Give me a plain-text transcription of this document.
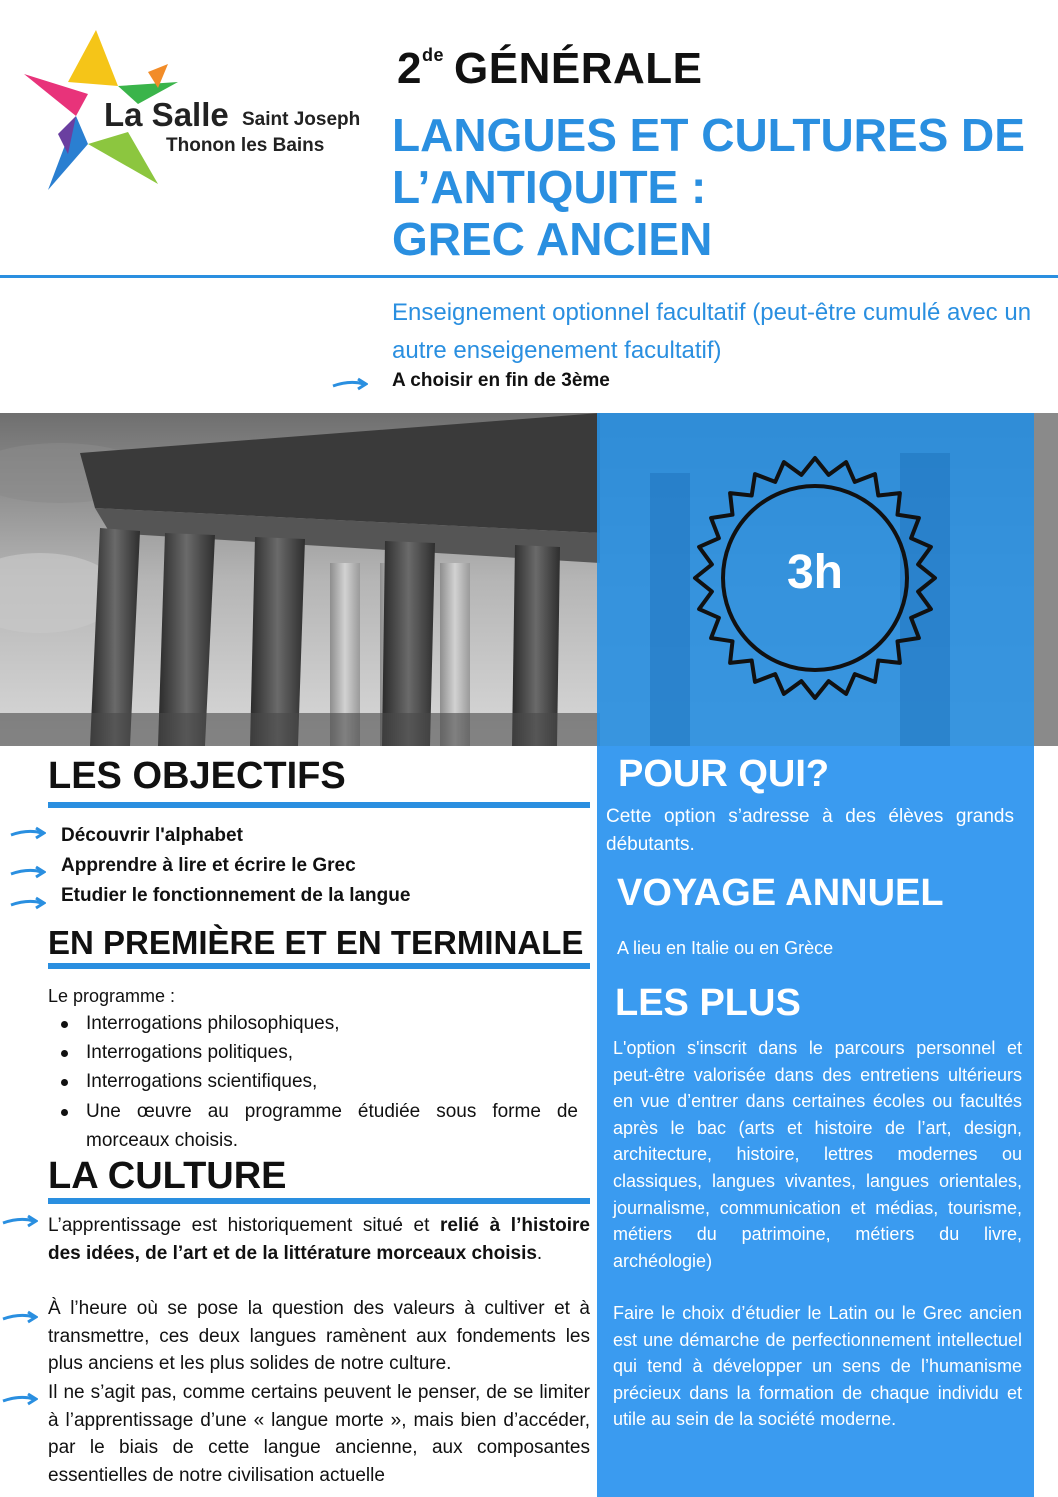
La Salle Saint Joseph
Thonon les Bains
2de GÉNÉRALE
LANGUES ET CULTURES DE
L’ANTIQUITE :
GREC ANCIEN
Enseignement optionnel facultatif (peut-être cumulé avec un autre enseigenement facultatif)
A choisir en fin de 3ème
3h
POUR QUI?
Cette option s’adresse à des élèves grands débutants.
VOYAGE ANNUEL
A lieu en Italie ou en Grèce
LES PLUS
L'option s'inscrit dans le parcours personnel et peut-être valorisée dans des entretiens ultérieurs en vue d’entrer dans certaines écoles ou facultés après le bac (arts et histoire de l’art, design, architecture, histoire, lettres modernes ou classiques, langues vivantes, langues orientales, journalisme, communication et médias, tourisme, métiers du patrimoine, métiers du livre, archéologie)
Faire le choix d’étudier le Latin ou le Grec ancien est une démarche de perfectionnement intellectuel qui tend à développer un sens de l’humanisme précieux dans la formation de chaque individu et utile au sein de la société moderne.
LES OBJECTIFS
Découvrir l'alphabet
Apprendre à lire et écrire le Grec
Etudier le fonctionnement de la langue
EN PREMIÈRE ET EN TERMINALE
Le programme :
Interrogations philosophiques,
Interrogations politiques,
Interrogations scientifiques,
Une œuvre au programme étudiée sous forme de morceaux choisis.
LA CULTURE
L’apprentissage est historiquement situé et relié à l’histoire des idées, de l’art et de la littérature morceaux choisis.
À l’heure où se pose la question des valeurs à cultiver et à transmettre, ces deux langues ramènent aux fondements les plus anciens et les plus solides de notre culture.
Il ne s’agit pas, comme certains peuvent le penser, de se limiter à l’apprentissage d’une « langue morte », mais bien d’accéder, par le biais de cette langue ancienne, aux composantes essentielles de notre civilisation actuelle
